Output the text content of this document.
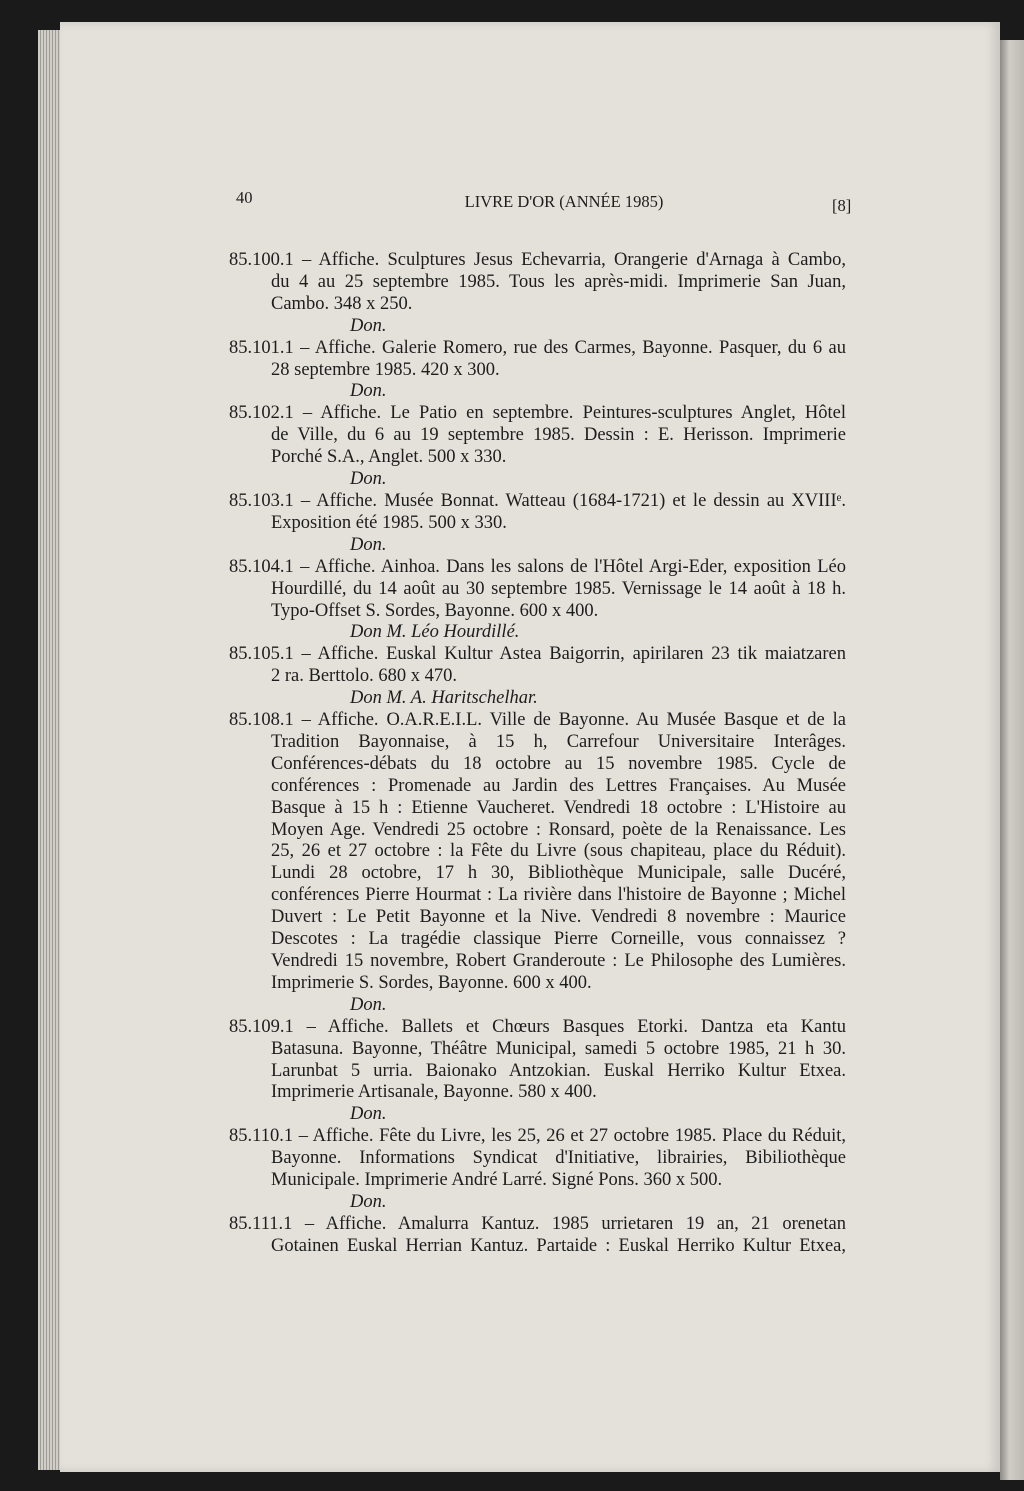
40	LIVRE D'OR (ANNÉE 1985)	[8]
85.100.1 – Affiche. Sculptures Jesus Echevarria, Orangerie d'Arnaga à Cambo,
du 4 au 25 septembre 1985. Tous les après-midi. Imprimerie San Juan,
Cambo. 348 x 250.
Don.
85.101.1 – Affiche. Galerie Romero, rue des Carmes, Bayonne. Pasquer, du 6 au
28 septembre 1985. 420 x 300.
Don.
85.102.1 – Affiche. Le Patio en septembre. Peintures-sculptures Anglet, Hôtel
de Ville, du 6 au 19 septembre 1985. Dessin : E. Herisson. Imprimerie
Porché S.A., Anglet. 500 x 330.
Don.
85.103.1 – Affiche. Musée Bonnat. Watteau (1684-1721) et le dessin au XVIIIᵉ.
Exposition été 1985. 500 x 330.
Don.
85.104.1 – Affiche. Ainhoa. Dans les salons de l'Hôtel Argi-Eder, exposition Léo
Hourdillé, du 14 août au 30 septembre 1985. Vernissage le 14 août à 18 h.
Typo-Offset S. Sordes, Bayonne. 600 x 400.
Don M. Léo Hourdillé.
85.105.1 – Affiche. Euskal Kultur Astea Baigorrin, apirilaren 23 tik maiatzaren
2 ra. Berttolo. 680 x 470.
Don M. A. Haritschelhar.
85.108.1 – Affiche. O.A.R.E.I.L. Ville de Bayonne. Au Musée Basque et de la
Tradition Bayonnaise, à 15 h, Carrefour Universitaire Interâges.
Conférences-débats du 18 octobre au 15 novembre 1985. Cycle de
conférences : Promenade au Jardin des Lettres Françaises. Au Musée
Basque à 15 h : Etienne Vaucheret. Vendredi 18 octobre : L'Histoire au
Moyen Age. Vendredi 25 octobre : Ronsard, poète de la Renaissance. Les
25, 26 et 27 octobre : la Fête du Livre (sous chapiteau, place du Réduit).
Lundi 28 octobre, 17 h 30, Bibliothèque Municipale, salle Ducéré,
conférences Pierre Hourmat : La rivière dans l'histoire de Bayonne ; Michel
Duvert : Le Petit Bayonne et la Nive. Vendredi 8 novembre : Maurice
Descotes : La tragédie classique Pierre Corneille, vous connaissez ?
Vendredi 15 novembre, Robert Granderoute : Le Philosophe des Lumières.
Imprimerie S. Sordes, Bayonne. 600 x 400.
Don.
85.109.1 – Affiche. Ballets et Chœurs Basques Etorki. Dantza eta Kantu
Batasuna. Bayonne, Théâtre Municipal, samedi 5 octobre 1985, 21 h 30.
Larunbat 5 urria. Baionako Antzokian. Euskal Herriko Kultur Etxea.
Imprimerie Artisanale, Bayonne. 580 x 400.
Don.
85.110.1 – Affiche. Fête du Livre, les 25, 26 et 27 octobre 1985. Place du Réduit,
Bayonne. Informations Syndicat d'Initiative, librairies, Bibiliothèque
Municipale. Imprimerie André Larré. Signé Pons. 360 x 500.
Don.
85.111.1 – Affiche. Amalurra Kantuz. 1985 urrietaren 19 an, 21 orenetan
Gotainen Euskal Herrian Kantuz. Partaide : Euskal Herriko Kultur Etxea,
